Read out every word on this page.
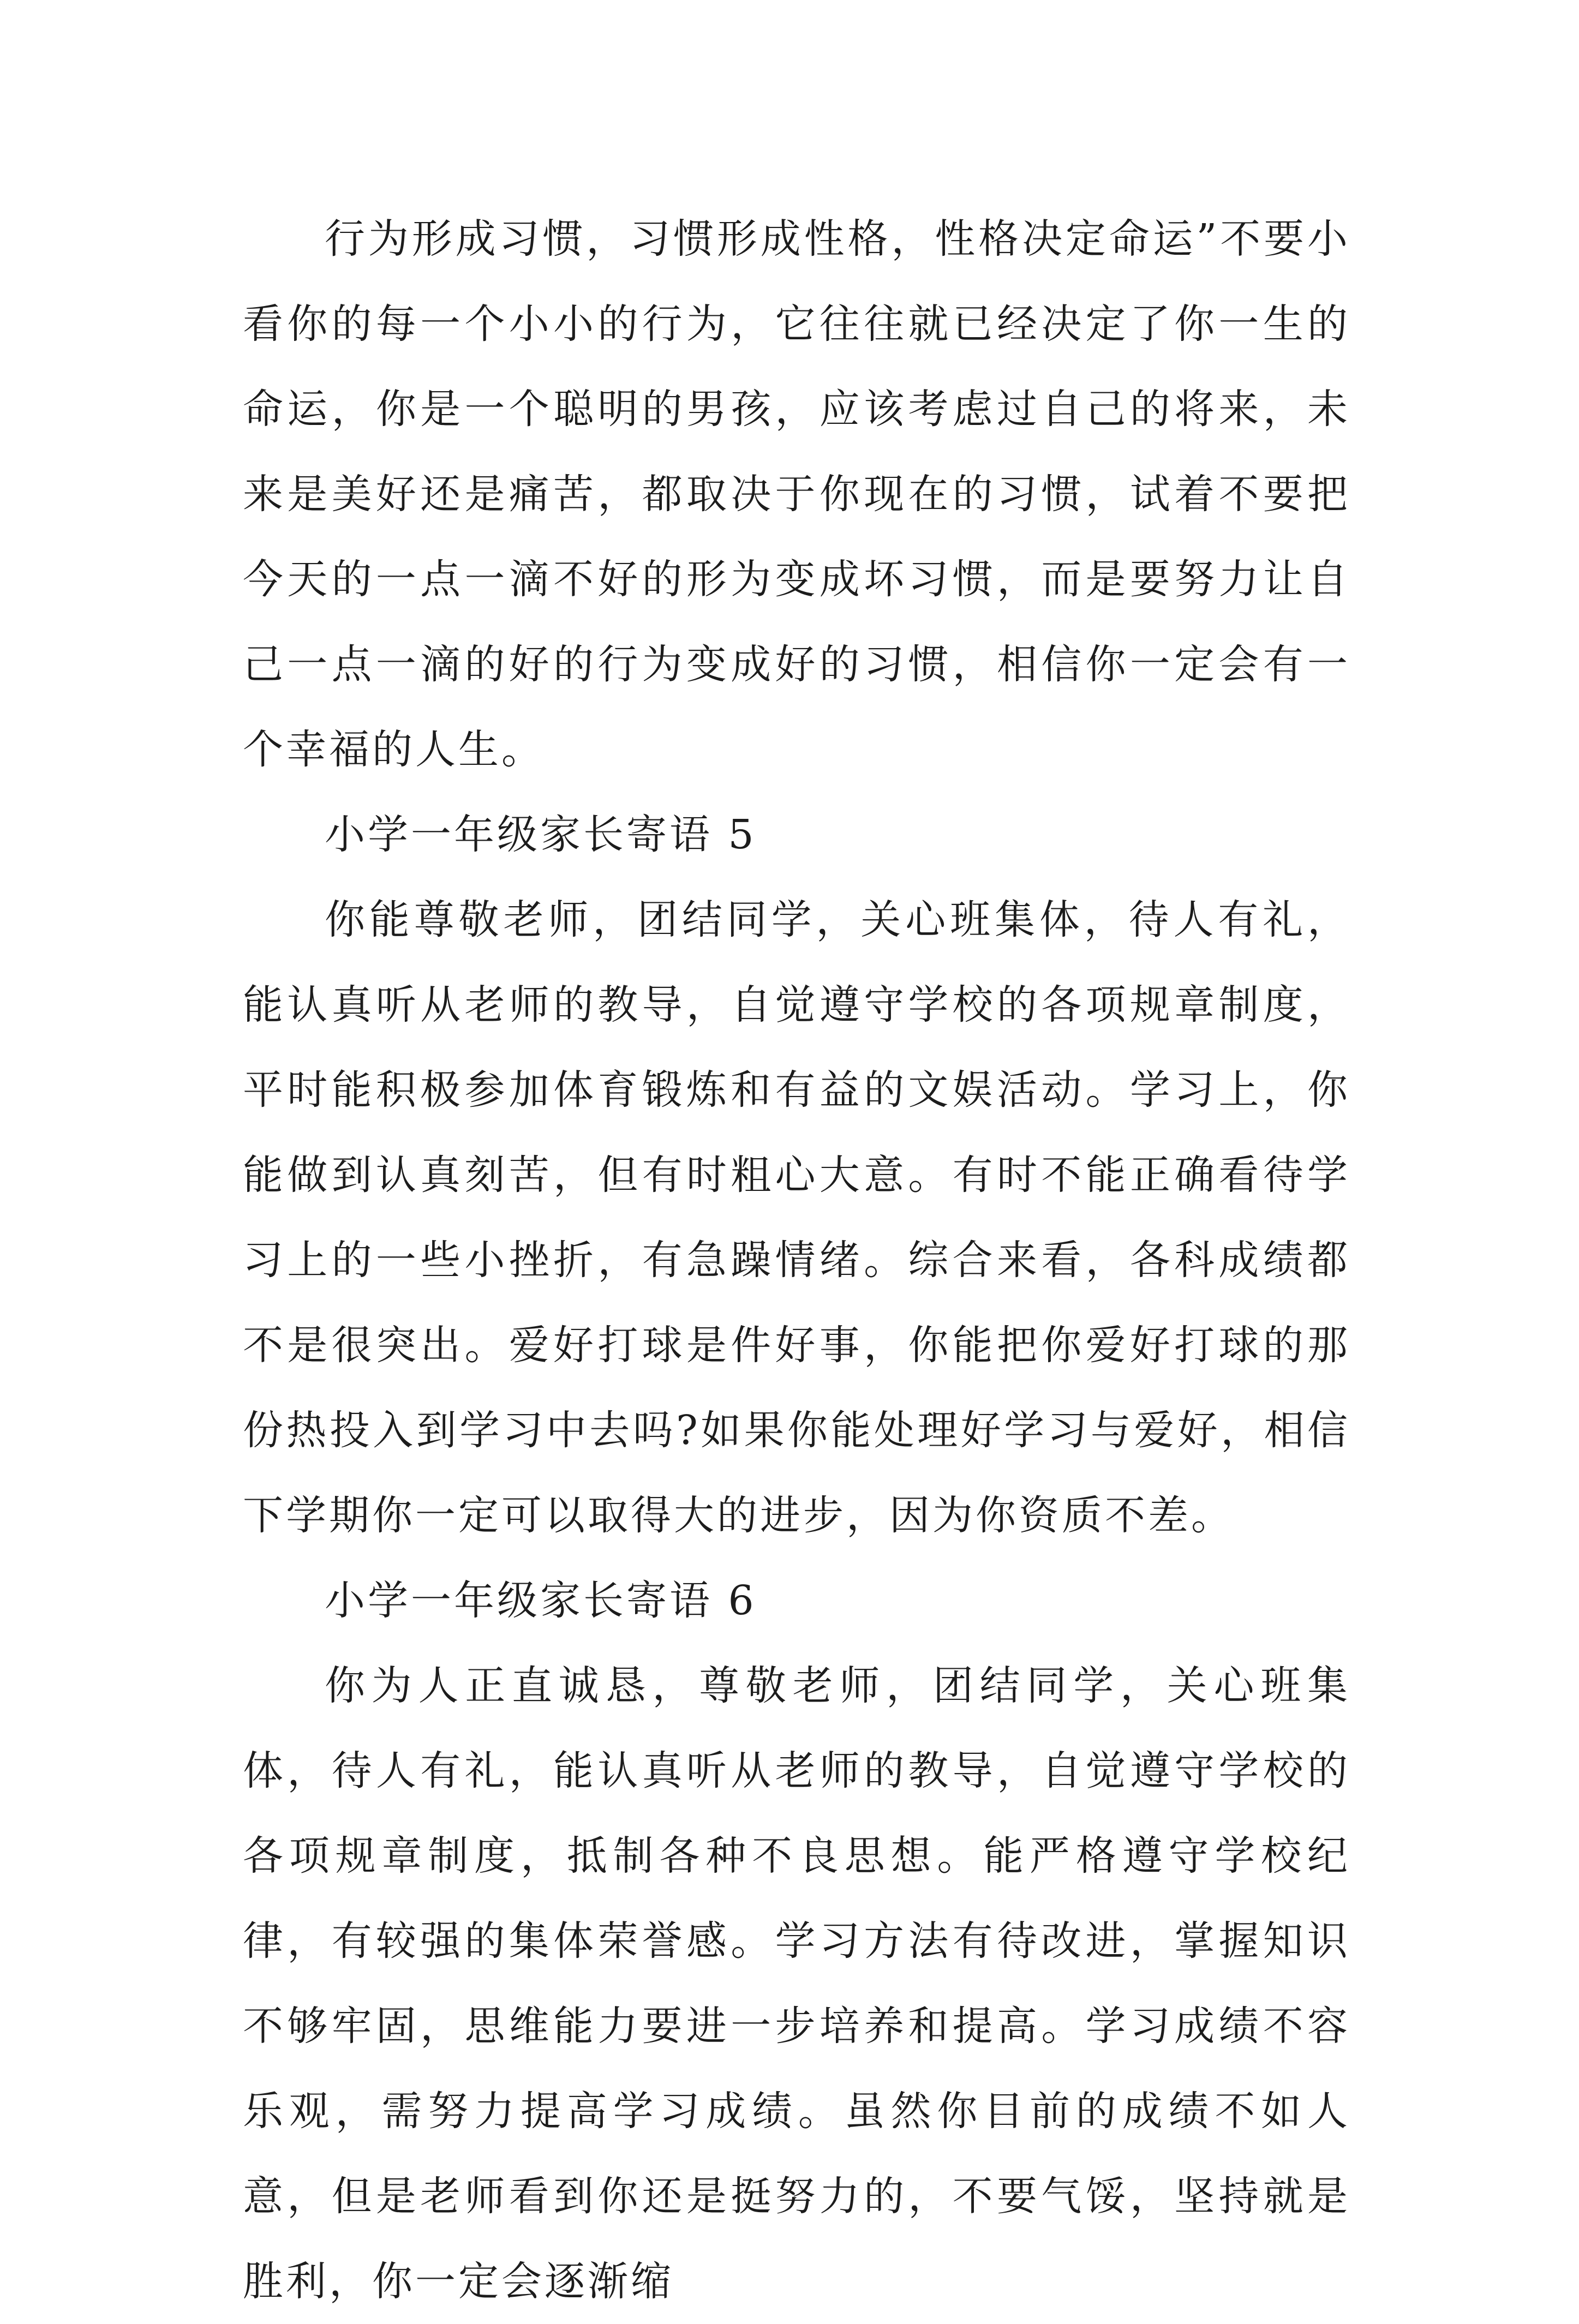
行为形成习惯，习惯形成性格，性格决定命运”不要小看你的每一个小小的行为，它往往就已经决定了你一生的命运，你是一个聪明的男孩，应该考虑过自己的将来，未来是美好还是痛苦，都取决于你现在的习惯，试着不要把今天的一点一滴不好的形为变成坏习惯，而是要努力让自己一点一滴的好的行为变成好的习惯，相信你一定会有一个幸福的人生。

小学一年级家长寄语 5

你能尊敬老师，团结同学，关心班集体，待人有礼，能认真听从老师的教导，自觉遵守学校的各项规章制度，平时能积极参加体育锻炼和有益的文娱活动。学习上，你能做到认真刻苦，但有时粗心大意。有时不能正确看待学习上的一些小挫折，有急躁情绪。综合来看，各科成绩都不是很突出。爱好打球是件好事，你能把你爱好打球的那份热投入到学习中去吗?如果你能处理好学习与爱好，相信下学期你一定可以取得大的进步，因为你资质不差。

小学一年级家长寄语 6

你为人正直诚恳，尊敬老师，团结同学，关心班集体，待人有礼，能认真听从老师的教导，自觉遵守学校的各项规章制度，抵制各种不良思想。能严格遵守学校纪律，有较强的集体荣誉感。学习方法有待改进，掌握知识不够牢固，思维能力要进一步培养和提高。学习成绩不容乐观，需努力提高学习成绩。虽然你目前的成绩不如人意，但是老师看到你还是挺努力的，不要气馁，坚持就是胜利，你一定会逐渐缩
